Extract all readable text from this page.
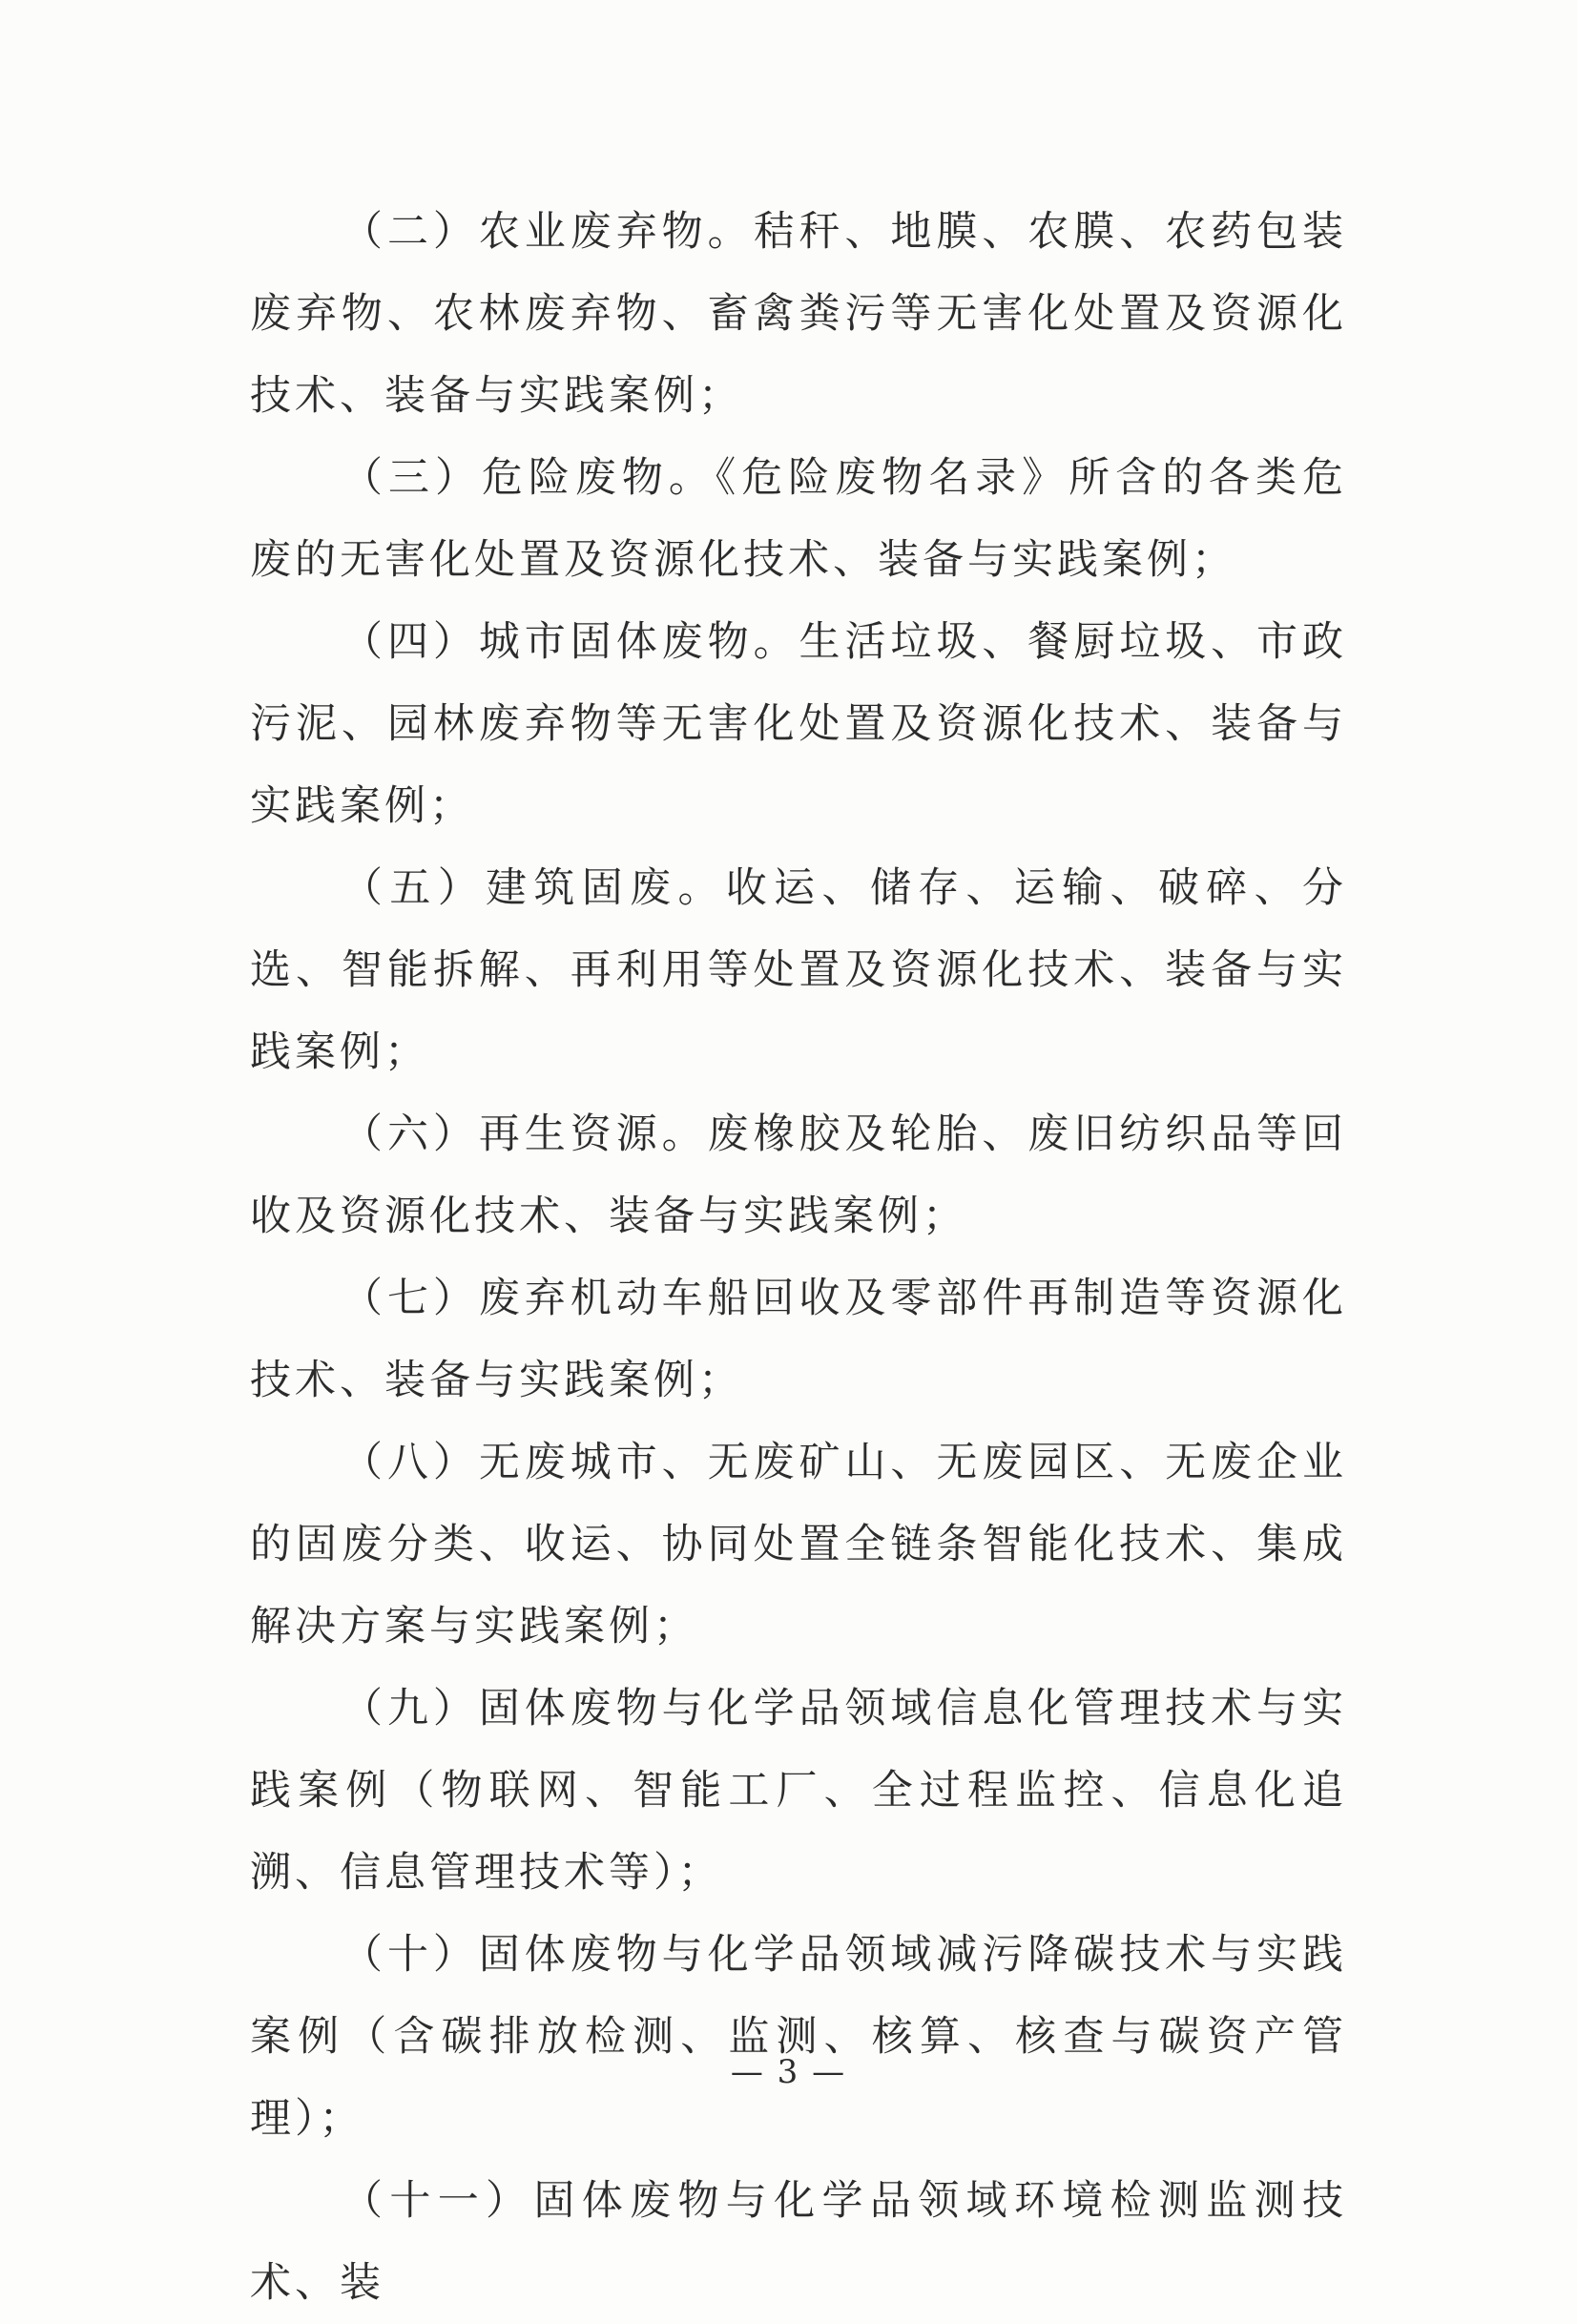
（二）农业废弃物。秸秆、地膜、农膜、农药包装废弃物、农林废弃物、畜禽粪污等无害化处置及资源化技术、装备与实践案例；

（三）危险废物。《危险废物名录》所含的各类危废的无害化处置及资源化技术、装备与实践案例；

（四）城市固体废物。生活垃圾、餐厨垃圾、市政污泥、园林废弃物等无害化处置及资源化技术、装备与实践案例；

（五）建筑固废。收运、储存、运输、破碎、分选、智能拆解、再利用等处置及资源化技术、装备与实践案例；

（六）再生资源。废橡胶及轮胎、废旧纺织品等回收及资源化技术、装备与实践案例；

（七）废弃机动车船回收及零部件再制造等资源化技术、装备与实践案例；

（八）无废城市、无废矿山、无废园区、无废企业的固废分类、收运、协同处置全链条智能化技术、集成解决方案与实践案例；

（九）固体废物与化学品领域信息化管理技术与实践案例（物联网、智能工厂、全过程监控、信息化追溯、信息管理技术等）；

（十）固体废物与化学品领域减污降碳技术与实践案例（含碳排放检测、监测、核算、核查与碳资产管理）；

（十一）固体废物与化学品领域环境检测监测技术、装

— 3 —
